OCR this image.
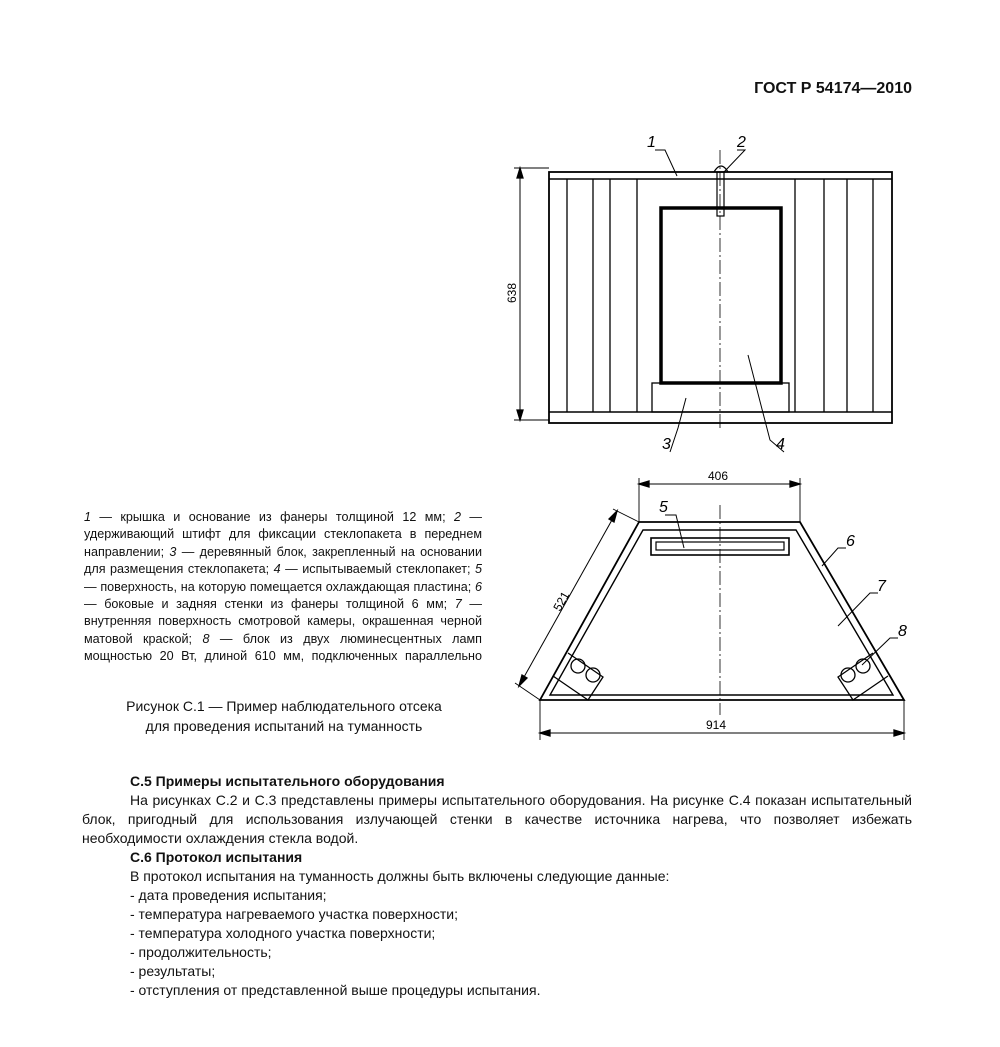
ГОСТ Р 54174—2010
1	2
3	4
5
6
7
8
638
406
521
914
1 — крышка и основание из фанеры толщиной 12 мм; 2 — удерживающий штифт для фиксации стеклопакета в переднем направлении; 3 — деревянный блок, закрепленный на основании для размещения стеклопакета; 4 — испытываемый стеклопакет; 5 — поверхность, на которую помещается охлаждающая пластина; 6 — боковые и задняя стенки из фанеры толщиной 6 мм; 7 — внутренняя поверхность смотровой камеры, окрашенная черной матовой краской; 8 — блок из двух люминесцентных ламп мощностью 20 Вт, длиной 610 мм, подключенных параллельно
Рисунок С.1 — Пример наблюдательного отсека
для проведения испытаний на туманность
С.5 Примеры испытательного оборудования
На рисунках С.2 и С.3 представлены примеры испытательного оборудования. На рисунке С.4 показан испытательный блок, пригодный для использования излучающей стенки в качестве источника нагрева, что позволяет избежать необходимости охлаждения стекла водой.
С.6 Протокол испытания
В протокол испытания на туманность должны быть включены следующие данные:
- дата проведения испытания;
- температура нагреваемого участка поверхности;
- температура холодного участка поверхности;
- продолжительность;
- результаты;
- отступления от представленной выше процедуры испытания.
